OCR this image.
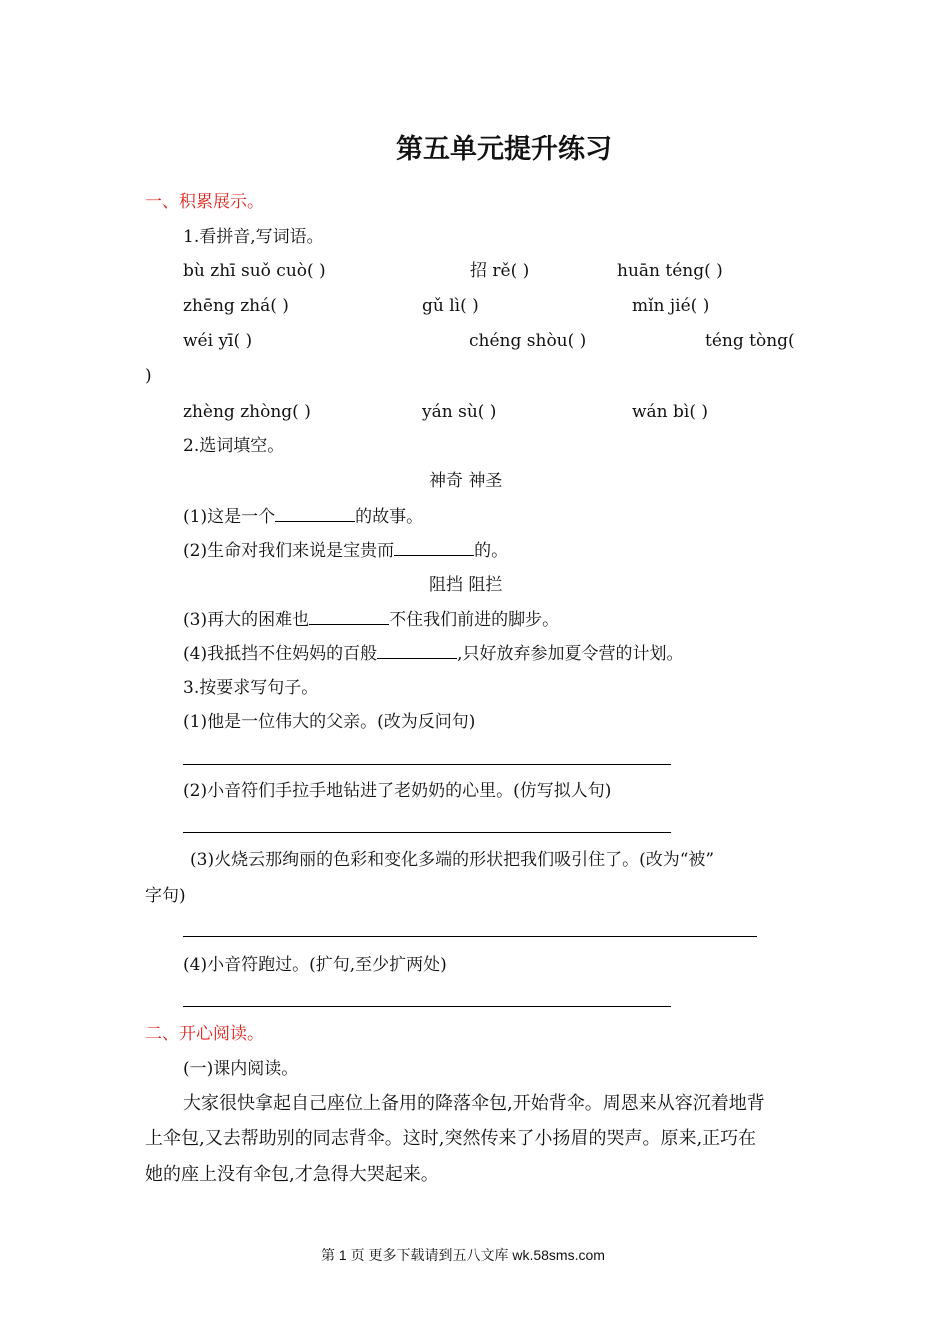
第五单元提升练习
一、积累展示。
1.看拼音,写词语。
bù zhī suǒ cuò( )	招 rě( )	huān téng( )
zhēng zhá( )	gǔ lì( )	mǐn jié( )
wéi yī( )	chéng shòu( )	téng tòng(
)
zhèng zhòng( )	yán sù( )	wán bì( )
2.选词填空。
神奇 神圣
(1)这是一个	的故事。
(2)生命对我们来说是宝贵而	的。
阻挡 阻拦
(3)再大的困难也	不住我们前进的脚步。
(4)我抵挡不住妈妈的百般	,只好放弃参加夏令营的计划。
3.按要求写句子。
(1)他是一位伟大的父亲。(改为反问句)
(2)小音符们手拉手地钻进了老奶奶的心里。(仿写拟人句)
(3)火烧云那绚丽的色彩和变化多端的形状把我们吸引住了。(改为“被”
字句)
(4)小音符跑过。(扩句,至少扩两处)
二、开心阅读。
(一)课内阅读。
大家很快拿起自己座位上备用的降落伞包,开始背伞。周恩来从容沉着地背
上伞包,又去帮助别的同志背伞。这时,突然传来了小扬眉的哭声。原来,正巧在
她的座上没有伞包,才急得大哭起来。
第 1 页 更多下载请到五八文库 wk.58sms.com
